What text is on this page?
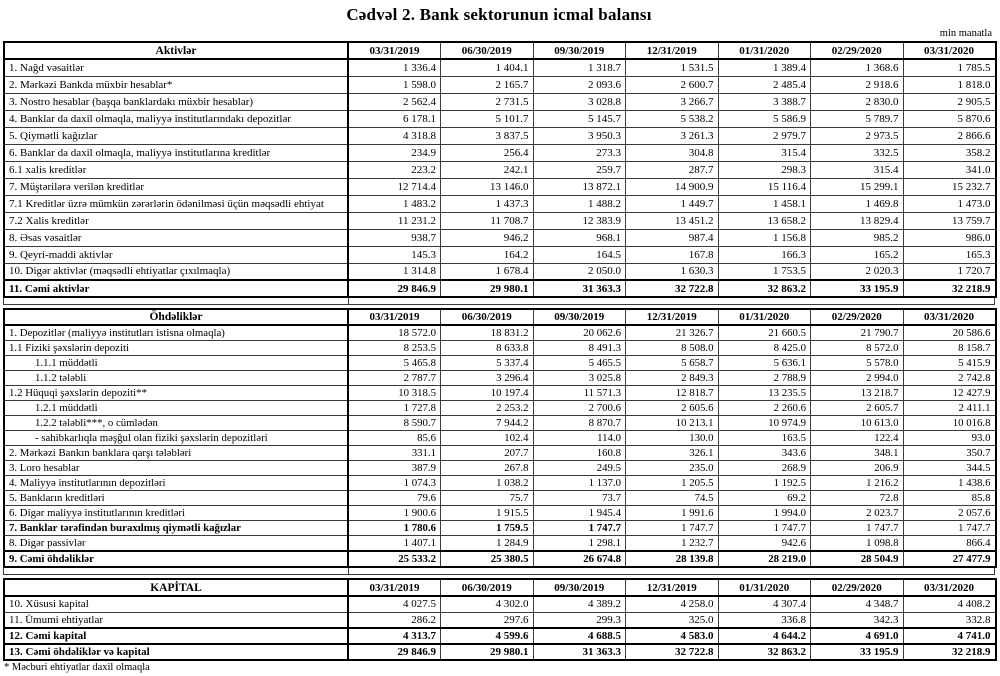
Cədvəl 2. Bank sektorunun icmal balansı
min manatla
Aktivlər	03/31/2019	06/30/2019	09/30/2019	12/31/2019	01/31/2020	02/29/2020	03/31/2020
1. Nağd vəsaitlər	1 336.4	1 404.1	1 318.7	1 531.5	1 389.4	1 368.6	1 785.5
2. Mərkəzi Bankda müxbir hesablar*	1 598.0	2 165.7	2 093.6	2 600.7	2 485.4	2 918.6	1 818.0
3. Nostro hesablar (başqa banklardakı müxbir hesablar)	2 562.4	2 731.5	3 028.8	3 266.7	3 388.7	2 830.0	2 905.5
4. Banklar da daxil olmaqla, maliyyə institutlarındakı depozitlər	6 178.1	5 101.7	5 145.7	5 538.2	5 586.9	5 789.7	5 870.6
5. Qiymətli kağızlar	4 318.8	3 837.5	3 950.3	3 261.3	2 979.7	2 973.5	2 866.6
6. Banklar da daxil olmaqla, maliyyə institutlarına kreditlər	234.9	256.4	273.3	304.8	315.4	332.5	358.2
6.1 xalis kreditlər	223.2	242.1	259.7	287.7	298.3	315.4	341.0
7. Müştərilərə verilən kreditlər	12 714.4	13 146.0	13 872.1	14 900.9	15 116.4	15 299.1	15 232.7
7.1 Kreditlər üzrə mümkün zərərlərin ödənilməsi üçün məqsədli ehtiyat	1 483.2	1 437.3	1 488.2	1 449.7	1 458.1	1 469.8	1 473.0
7.2 Xalis kreditlər	11 231.2	11 708.7	12 383.9	13 451.2	13 658.2	13 829.4	13 759.7
8. Əsas vəsaitlər	938.7	946.2	968.1	987.4	1 156.8	985.2	986.0
9. Qeyri-maddi aktivlər	145.3	164.2	164.5	167.8	166.3	165.2	165.3
10. Digər aktivlər (məqsədli ehtiyatlar çıxılmaqla)	1 314.8	1 678.4	2 050.0	1 630.3	1 753.5	2 020.3	1 720.7
11. Cəmi aktivlər	29 846.9	29 980.1	31 363.3	32 722.8	32 863.2	33 195.9	32 218.9
Öhdəliklər	03/31/2019	06/30/2019	09/30/2019	12/31/2019	01/31/2020	02/29/2020	03/31/2020
1. Depozitlər (maliyyə institutları istisna olmaqla)	18 572.0	18 831.2	20 062.6	21 326.7	21 660.5	21 790.7	20 586.6
1.1 Fiziki şəxslərin depoziti	8 253.5	8 633.8	8 491.3	8 508.0	8 425.0	8 572.0	8 158.7
1.1.1 müddətli	5 465.8	5 337.4	5 465.5	5 658.7	5 636.1	5 578.0	5 415.9
1.1.2 tələbli	2 787.7	3 296.4	3 025.8	2 849.3	2 788.9	2 994.0	2 742.8
1.2 Hüquqi şəxslərin depoziti**	10 318.5	10 197.4	11 571.3	12 818.7	13 235.5	13 218.7	12 427.9
1.2.1 müddətli	1 727.8	2 253.2	2 700.6	2 605.6	2 260.6	2 605.7	2 411.1
1.2.2 tələbli***, o cümlədən	8 590.7	7 944.2	8 870.7	10 213.1	10 974.9	10 613.0	10 016.8
- sahibkarlıqla məşğul olan fiziki şəxslərin depozitləri	85.6	102.4	114.0	130.0	163.5	122.4	93.0
2. Mərkəzi Bankın banklara qarşı tələbləri	331.1	207.7	160.8	326.1	343.6	348.1	350.7
3. Loro hesablar	387.9	267.8	249.5	235.0	268.9	206.9	344.5
4. Maliyyə institutlarının depozitləri	1 074.3	1 038.2	1 137.0	1 205.5	1 192.5	1 216.2	1 438.6
5. Bankların kreditləri	79.6	75.7	73.7	74.5	69.2	72.8	85.8
6. Digər maliyyə institutlarının kreditləri	1 900.6	1 915.5	1 945.4	1 991.6	1 994.0	2 023.7	2 057.6
7. Banklar tərəfindən buraxılmış qiymətli kağızlar	1 780.6	1 759.5	1 747.7	1 747.7	1 747.7	1 747.7	1 747.7
8. Digər passivlər	1 407.1	1 284.9	1 298.1	1 232.7	942.6	1 098.8	866.4
9. Cəmi öhdəliklər	25 533.2	25 380.5	26 674.8	28 139.8	28 219.0	28 504.9	27 477.9
KAPİTAL	03/31/2019	06/30/2019	09/30/2019	12/31/2019	01/31/2020	02/29/2020	03/31/2020
10. Xüsusi kapital	4 027.5	4 302.0	4 389.2	4 258.0	4 307.4	4 348.7	4 408.2
11. Ümumi ehtiyatlar	286.2	297.6	299.3	325.0	336.8	342.3	332.8
12. Cəmi kapital	4 313.7	4 599.6	4 688.5	4 583.0	4 644.2	4 691.0	4 741.0
13. Cəmi öhdəliklər və kapital	29 846.9	29 980.1	31 363.3	32 722.8	32 863.2	33 195.9	32 218.9
* Məcburi ehtiyatlar daxil olmaqla
